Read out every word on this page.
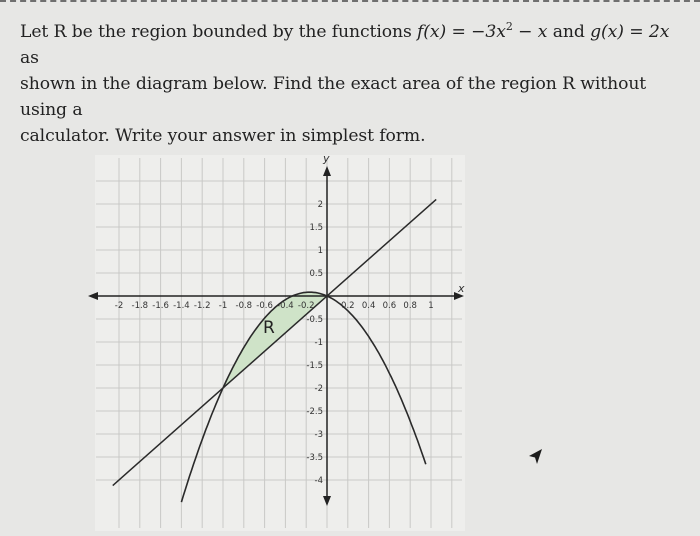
Let R be the region bounded by the functions $f(x) = -3x^2 - x$ and g(x) = 2x as
shown in the diagram below. Find the exact area of the region R without using a
calculator. Write your answer in simplest form.
-2 -1.8 -1.6 -1.4 -1.2 -1 -0.8 -0.6 -0.4 -0.2	0.2 0.4 0.6 0.8 1
0.5
1
1.5
2
-0.5
-1
-1.5
-2
-2.5
-3
-3.5
-4
x
y
R
